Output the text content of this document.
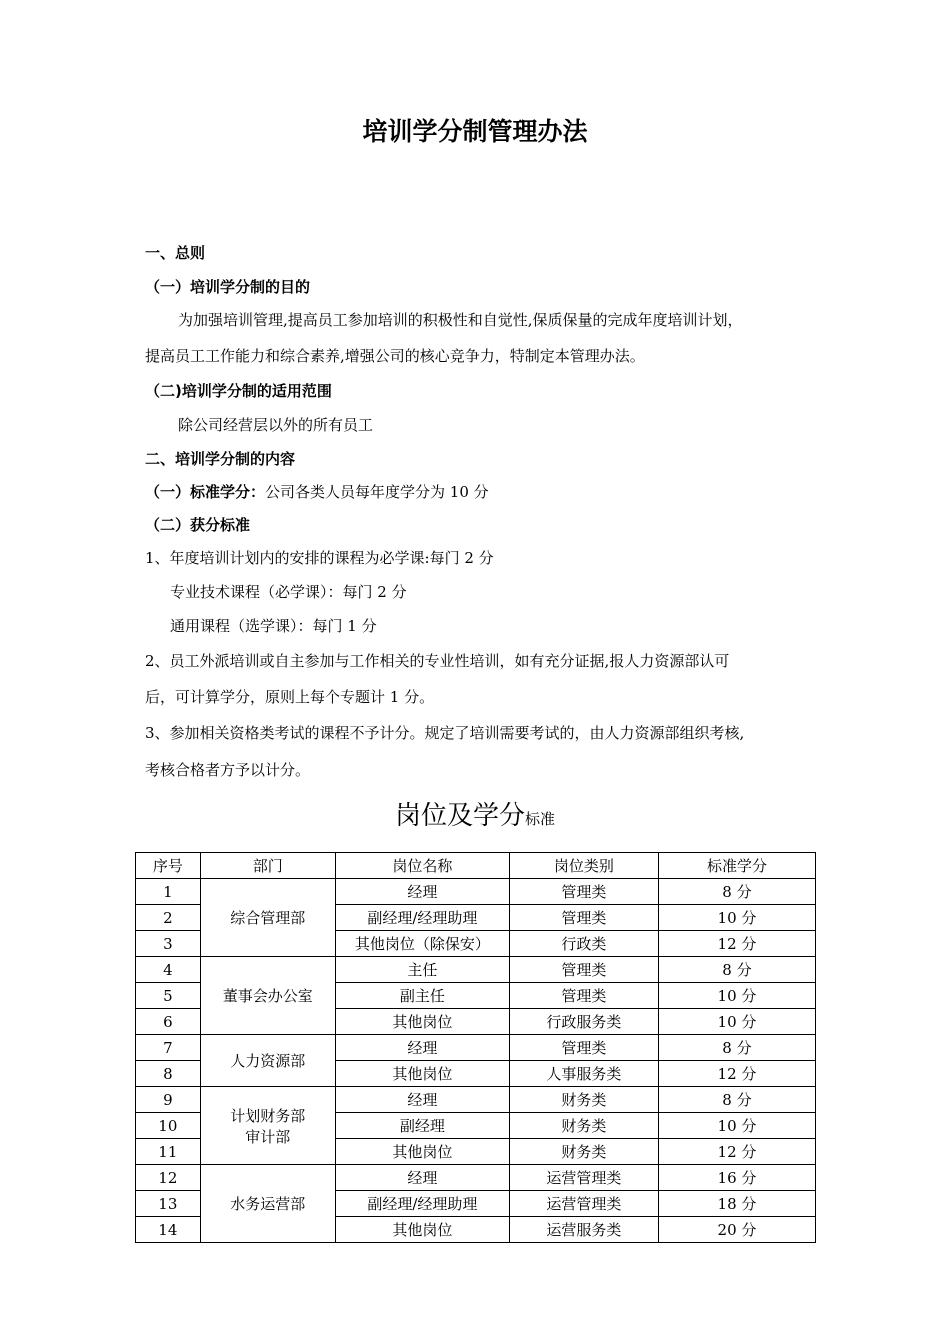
培训学分制管理办法
一、总则
（一）培训学分制的目的
为加强培训管理,提高员工参加培训的积极性和自觉性,保质保量的完成年度培训计划，
提高员工工作能力和综合素养,增强公司的核心竞争力，特制定本管理办法。
（二)培训学分制的适用范围
除公司经营层以外的所有员工
二、培训学分制的内容
（一）标准学分：公司各类人员每年度学分为 10 分
（二）获分标准
1、年度培训计划内的安排的课程为必学课:每门 2 分
专业技术课程（必学课）：每门 2 分
通用课程（选学课）：每门 1 分
2、员工外派培训或自主参加与工作相关的专业性培训，如有充分证据,报人力资源部认可
后，可计算学分，原则上每个专题计 1 分。
3、参加相关资格类考试的课程不予计分。规定了培训需要考试的，由人力资源部组织考核,
考核合格者方予以计分。
岗位及学分标准
序号	部门	岗位名称	岗位类别	标准学分
1	综合管理部	经理	管理类	8 分
2		副经理/经理助理	管理类	10 分
3		其他岗位（除保安）	行政类	12 分
4	董事会办公室	主任	管理类	8 分
5		副主任	管理类	10 分
6		其他岗位	行政服务类	10 分
7	人力资源部	经理	管理类	8 分
8		其他岗位	人事服务类	12 分
9	计划财务部
审计部	经理	财务类	8 分
10		副经理	财务类	10 分
11		其他岗位	财务类	12 分
12	水务运营部	经理	运营管理类	16 分
13		副经理/经理助理	运营管理类	18 分
14		其他岗位	运营服务类	20 分
